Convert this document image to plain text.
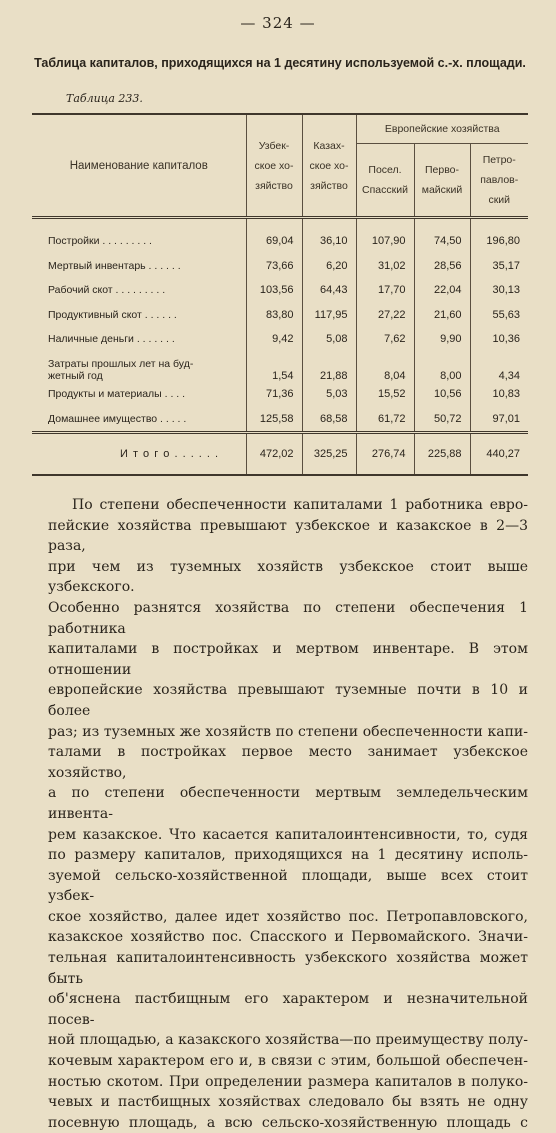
— 324 —
Таблица капиталов, приходящихся на 1 десятину используемой с.-х. площади.
Таблица 233.
Наименование капиталов	Узбек-ское хо-зяйство	Казах-ское хо-зяйство	Европейские хозяйства		
			Посел. Спасский	Перво-майский	Петро-павлов-ский

Постройки . . . . . . . . .	69,04	36,10	107,90	74,50	196,80
Мертвый инвентарь . . . . . .	73,66	6,20	31,02	28,56	35,17
Рабочий скот . . . . . . . . .	103,56	64,43	17,70	22,04	30,13
Продуктивный скот . . . . . .	83,80	117,95	27,22	21,60	55,63
Наличные деньги . . . . . . .	9,42	5,08	7,62	9,90	10,36
Затраты прошлых лет на буд-жетный год	1,54	21,88	8,04	8,00	4,34
Продукты и материалы . . . .	71,36	5,03	15,52	10,56	10,83
Домашнее имущество . . . . .	125,58	68,58	61,72	50,72	97,01
И т о г о . . . . . .	472,02	325,25	276,74	225,88	440,27
По степени обеспеченности капиталами 1 работника евро-
пейские хозяйства превышают узбекское и казакское в 2—3 раза,
при чем из туземных хозяйств узбекское стоит выше узбекского.
Особенно разнятся хозяйства по степени обеспечения 1 работника
капиталами в постройках и мертвом инвентаре. В этом отношении
европейские хозяйства превышают туземные почти в 10 и более
раз; из туземных же хозяйств по степени обеспеченности капи-
талами в постройках первое место занимает узбекское хозяйство,
а по степени обеспеченности мертвым земледельческим инвента-
рем казакское. Что касается капиталоинтенсивности, то, судя
по размеру капиталов, приходящихся на 1 десятину исполь-
зуемой сельско-хозяйственной площади, выше всех стоит узбек-
ское хозяйство, далее идет хозяйство пос. Петропавловского,
казакское хозяйство пос. Спасского и Первомайского. Значи-
тельная капиталоинтенсивность узбекского хозяйства может быть
об'яснена пастбищным его характером и незначительной посев-
ной площадью, а казакского хозяйства—по преимуществу полу-
кочевым характером его и, в связи с этим, большой обеспечен-
ностью скотом. При определении размера капиталов в полуко-
чевых и пастбищных хозяйствах следовало бы взять не одну
посевную площадь, а всю сельско-хозяйственную площадь с
